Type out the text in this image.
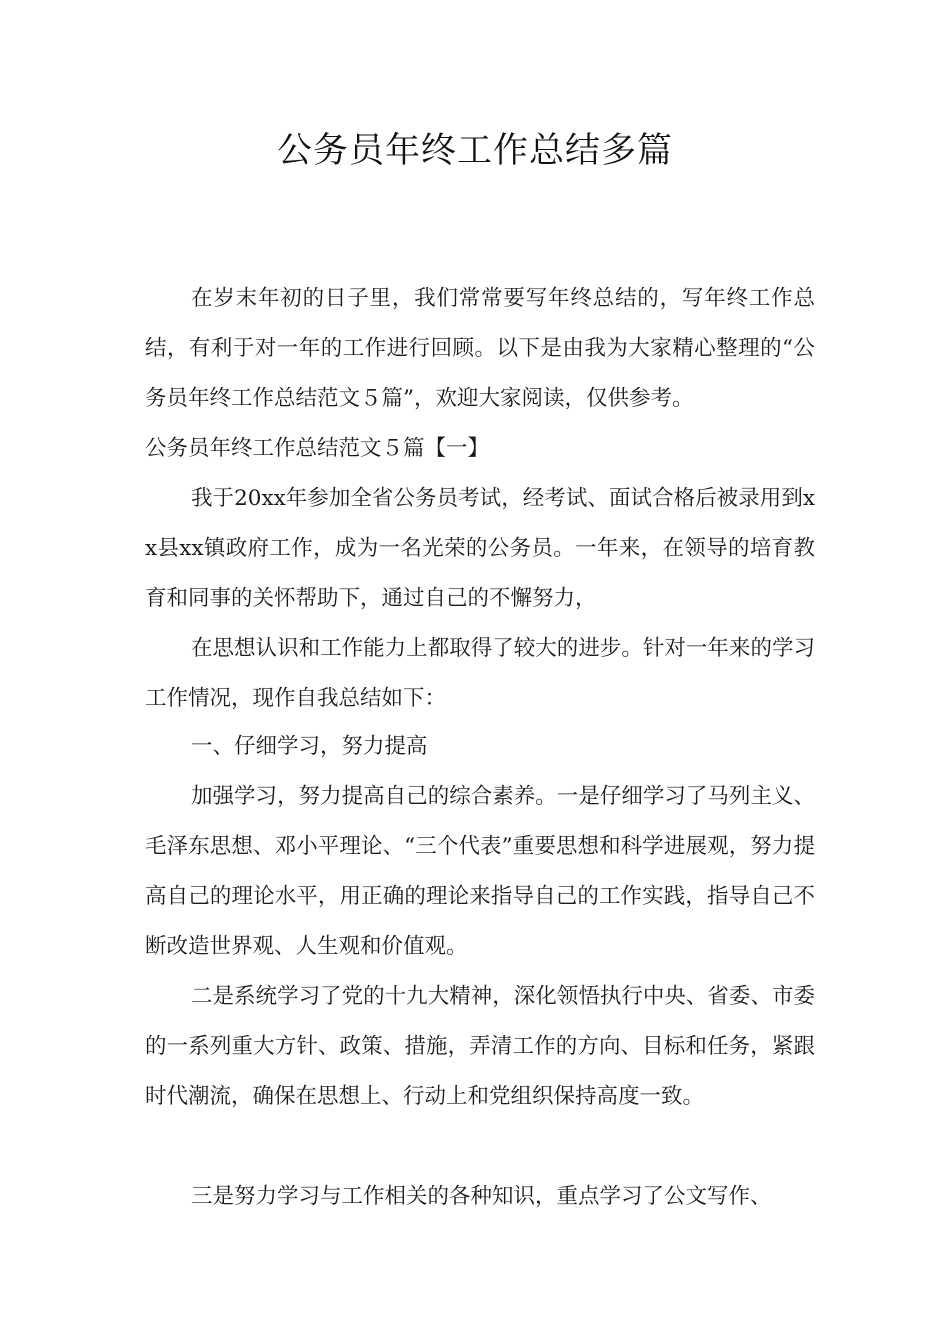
公务员年终工作总结多篇

在岁末年初的日子里，我们常常要写年终总结的，写年终工作总结，有利于对一年的工作进行回顾。以下是由我为大家精心整理的“公务员年终工作总结范文５篇”，欢迎大家阅读，仅供参考。

公务员年终工作总结范文５篇【一】

我于20xx年参加全省公务员考试，经考试、面试合格后被录用到xx县xx镇政府工作，成为一名光荣的公务员。一年来，在领导的培育教育和同事的关怀帮助下，通过自己的不懈努力，

在思想认识和工作能力上都取得了较大的进步。针对一年来的学习工作情况，现作自我总结如下：

一、仔细学习，努力提高

加强学习，努力提高自己的综合素养。一是仔细学习了马列主义、毛泽东思想、邓小平理论、“三个代表”重要思想和科学进展观，努力提高自己的理论水平，用正确的理论来指导自己的工作实践，指导自己不断改造世界观、人生观和价值观。

二是系统学习了党的十九大精神，深化领悟执行中央、省委、市委的一系列重大方针、政策、措施，弄清工作的方向、目标和任务，紧跟时代潮流，确保在思想上、行动上和党组织保持高度一致。

三是努力学习与工作相关的各种知识，重点学习了公文写作、
